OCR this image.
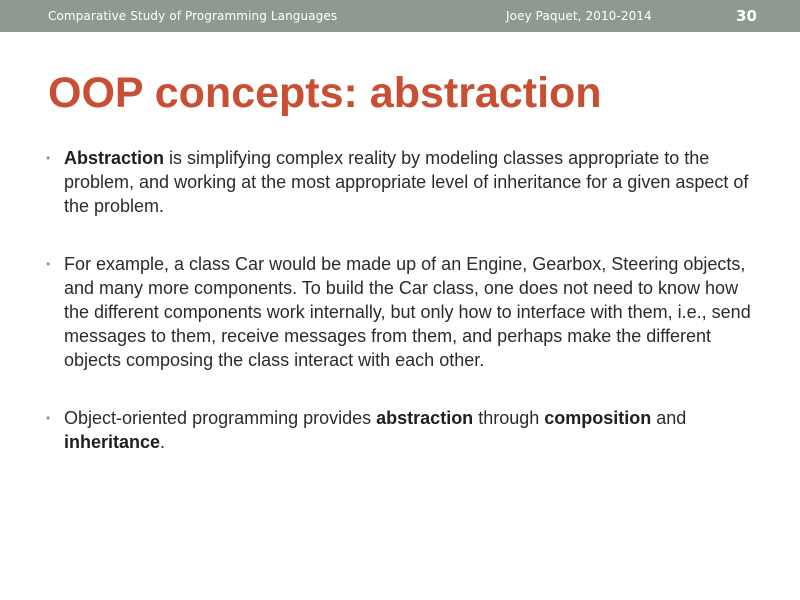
Comparative Study of Programming Languages	Joey Paquet, 2010-2014	30
OOP concepts: abstraction
• Abstraction is simplifying complex reality by modeling classes appropriate to the problem, and working at the most appropriate level of inheritance for a given aspect of the problem.
• For example, a class Car would be made up of an Engine, Gearbox, Steering objects, and many more components. To build the Car class, one does not need to know how the different components work internally, but only how to interface with them, i.e., send messages to them, receive messages from them, and perhaps make the different objects composing the class interact with each other.
• Object-oriented programming provides abstraction through composition and inheritance.
